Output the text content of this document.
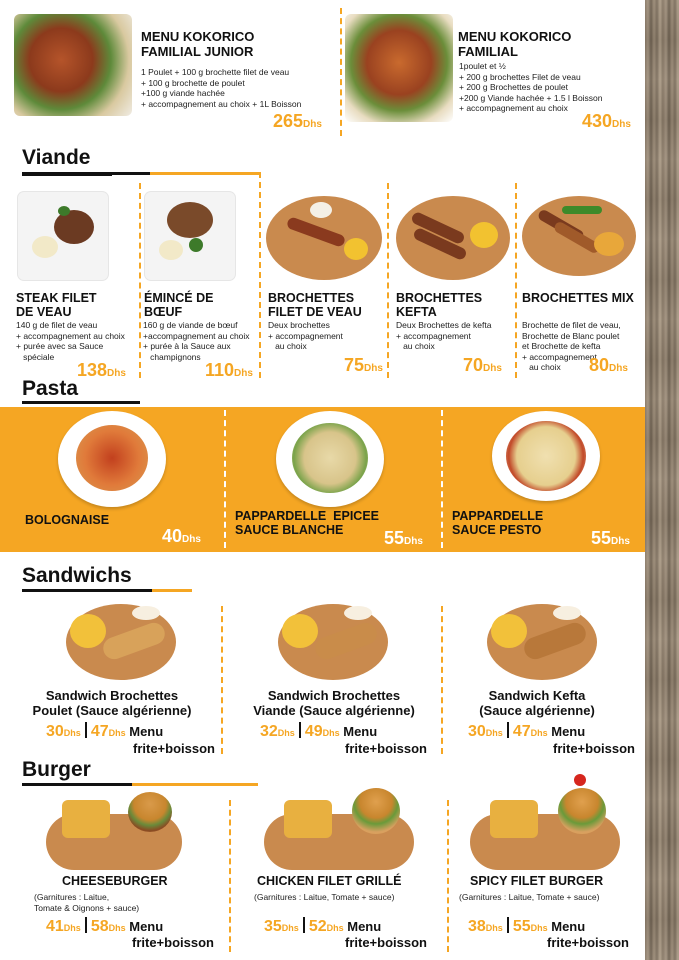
MENU KOKORICO
FAMILIAL JUNIOR
1 Poulet + 100 g brochette filet de veau
+ 100 g brochette de poulet
+100 g viande hachée
+ accompagnement au choix + 1L Boisson
265Dhs
MENU KOKORICO
FAMILIAL
1poulet et ½
+ 200 g brochettes Filet de veau
+ 200 g Brochettes de poulet
+200 g Viande hachée + 1.5 l Boisson
+ accompagnement au choix
430Dhs
Viande
STEAK FILET
DE VEAU
140 g de filet de veau
+ accompagnement au choix
+ purée avec sa Sauce
spéciale
138Dhs
ÉMINCÉ DE
BŒUF
160 g de viande de bœuf
+accompagnement au choix
+ purée à la Sauce aux
champignons
110Dhs
BROCHETTES
FILET DE VEAU
Deux brochettes
+ accompagnement
au choix
75Dhs
BROCHETTES
KEFTA
Deux Brochettes de kefta
+ accompagnement
au choix
70Dhs
BROCHETTES MIX
Brochette de filet de veau,
Brochette de Blanc poulet
et Brochette de kefta
+ accompagnement
au choix	80Dhs
Pasta
BOLOGNAISE
40Dhs
PAPPARDELLE  EPICEE
SAUCE BLANCHE	55Dhs
PAPPARDELLE
SAUCE PESTO	55Dhs
Sandwichs
Sandwich Brochettes
Poulet (Sauce algérienne)
30Dhs 47Dhs Menu
frite+boisson
Sandwich Brochettes
Viande (Sauce algérienne)
32Dhs 49Dhs Menu
frite+boisson
Sandwich Kefta
(Sauce algérienne)
30Dhs 47Dhs Menu
frite+boisson
Burger
CHEESEBURGER
(Garnitures : Laitue,
Tomate & Oignons + sauce)
41Dhs 58Dhs Menu
frite+boisson
CHICKEN FILET GRILLÉ
(Garnitures : Laitue, Tomate + sauce)
35Dhs 52Dhs Menu
frite+boisson
SPICY FILET BURGER
(Garnitures : Laitue, Tomate + sauce)
38Dhs 55Dhs Menu
frite+boisson
